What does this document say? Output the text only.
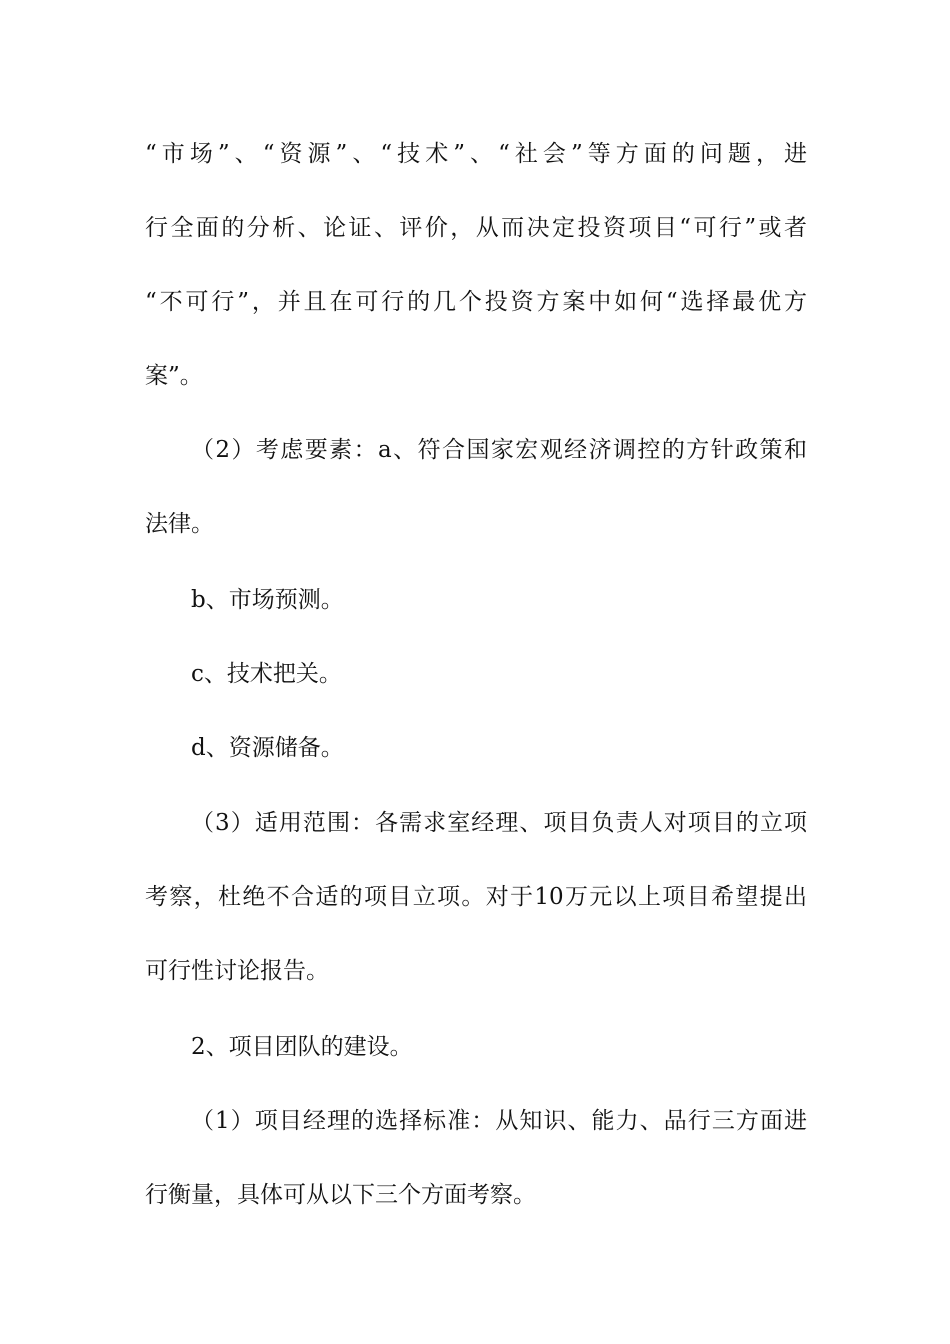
“市场”、“资源”、“技术”、“社会”等方面的问题，进
行全面的分析、论证、评价，从而决定投资项目“可行”或者
“不可行”，并且在可行的几个投资方案中如何“选择最优方
案”。
（2）考虑要素：a、符合国家宏观经济调控的方针政策和
法律。
b、市场预测。
c、技术把关。
d、资源储备。
（3）适用范围：各需求室经理、项目负责人对项目的立项
考察，杜绝不合适的项目立项。对于10万元以上项目希望提出
可行性讨论报告。
2、项目团队的建设。
（1）项目经理的选择标准：从知识、能力、品行三方面进
行衡量，具体可从以下三个方面考察。
